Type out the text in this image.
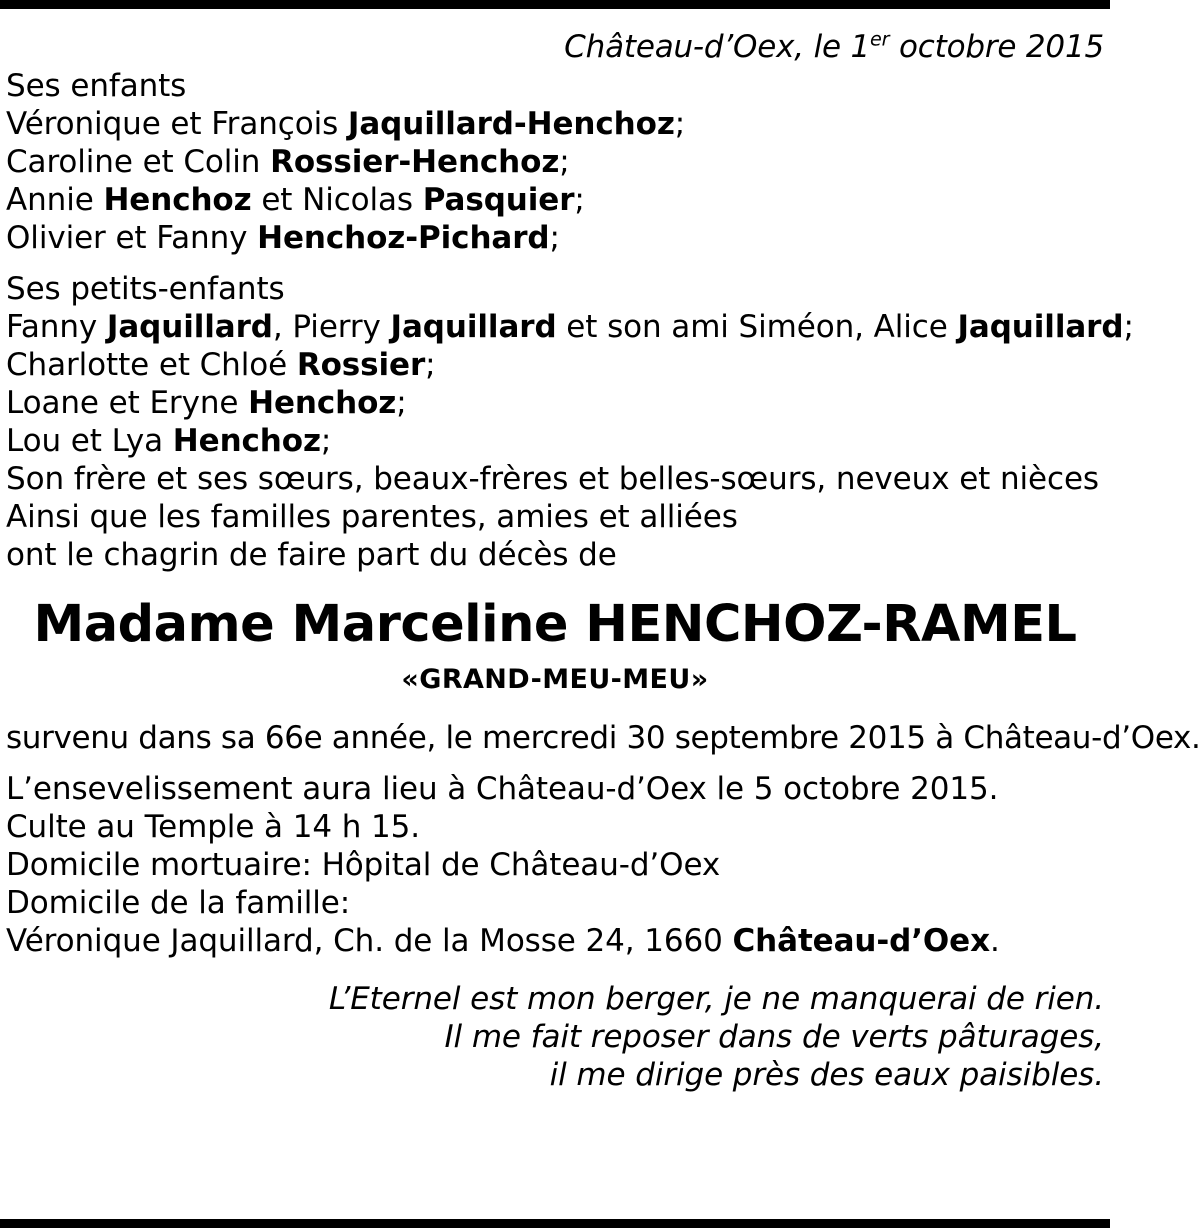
Château-d’Oex, le 1er octobre 2015
Ses enfants
Véronique et François Jaquillard-Henchoz;
Caroline et Colin Rossier-Henchoz;
Annie Henchoz et Nicolas Pasquier;
Olivier et Fanny Henchoz-Pichard;
Ses petits-enfants
Fanny Jaquillard, Pierry Jaquillard et son ami Siméon, Alice Jaquillard;
Charlotte et Chloé Rossier;
Loane et Eryne Henchoz;
Lou et Lya Henchoz;
Son frère et ses sœurs, beaux-frères et belles-sœurs, neveux et nièces
Ainsi que les familles parentes, amies et alliées
ont le chagrin de faire part du décès de
Madame Marceline HENCHOZ-RAMEL
«GRAND-MEU-MEU»
survenu dans sa 66e année, le mercredi 30 septembre 2015 à Château-d’Oex.
L’ensevelissement aura lieu à Château-d’Oex le 5 octobre 2015.
Culte au Temple à 14 h 15.
Domicile mortuaire: Hôpital de Château-d’Oex
Domicile de la famille:
Véronique Jaquillard, Ch. de la Mosse 24, 1660 Château-d’Oex.
L’Eternel est mon berger, je ne manquerai de rien.
Il me fait reposer dans de verts pâturages,
il me dirige près des eaux paisibles.
